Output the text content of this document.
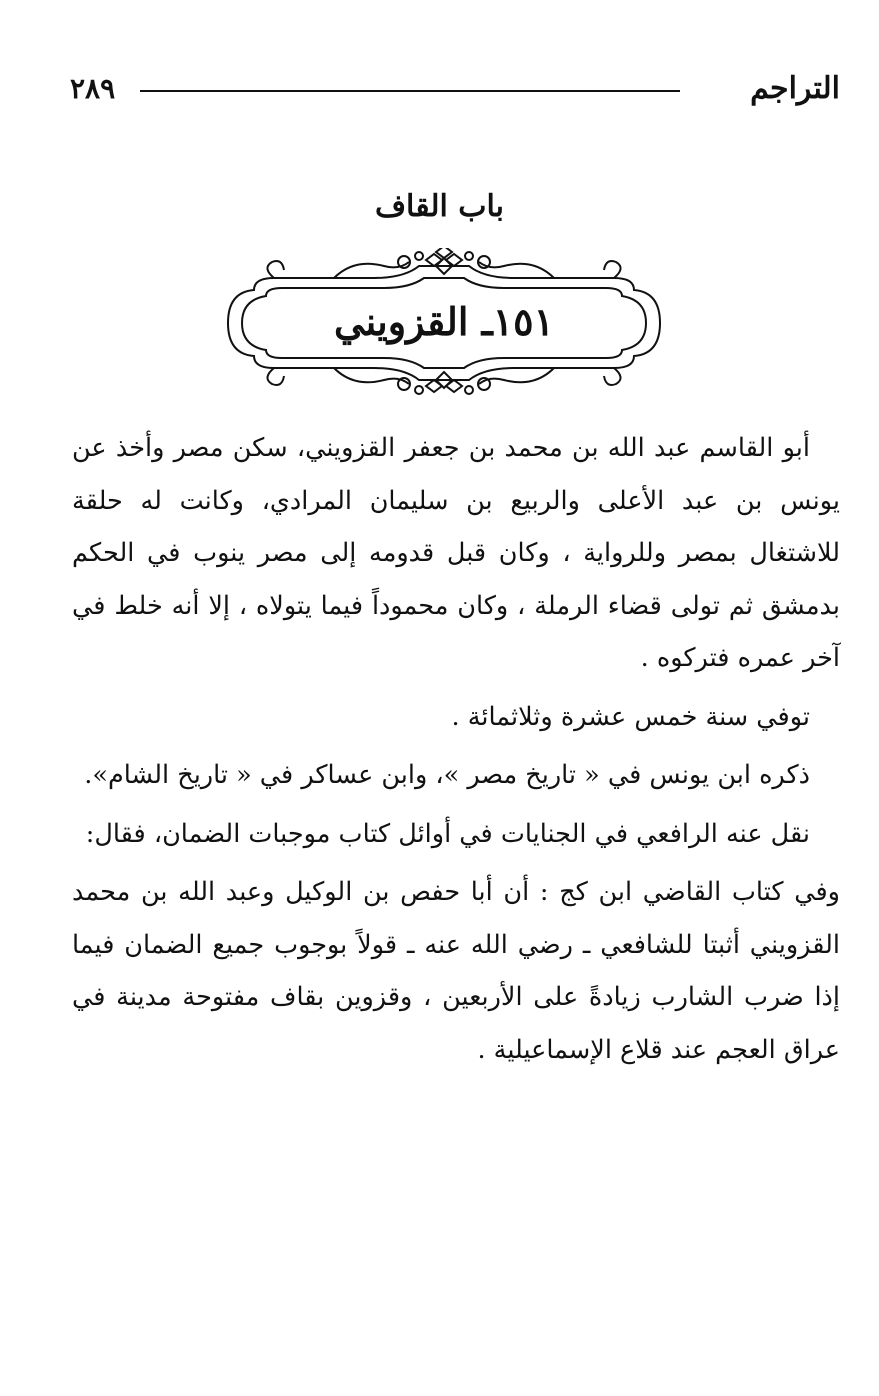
التراجم
٢٨٩
باب القاف
١٥١ـ القزويني

أبو القاسم عبد الله بن محمد بن جعفر القزويني، سكن مصر وأخذ عن يونس بن عبد الأعلى والربيع بن سليمان المرادي، وكانت له حلقة للاشتغال بمصر وللرواية ، وكان قبل قدومه إلى مصر ينوب في الحكم بدمشق ثم تولى قضاء الرملة ، وكان محموداً فيما يتولاه ، إلا أنه خلط في آخر عمره فتركوه .

توفي سنة خمس عشرة وثلاثمائة .

ذكره ابن يونس في « تاريخ مصر »، وابن عساكر في « تاريخ الشام».

نقل عنه الرافعي في الجنايات في أوائل كتاب موجبات الضمان، فقال:

وفي كتاب القاضي ابن كج : أن أبا حفص بن الوكيل وعبد الله بن محمد القزويني أثبتا للشافعي ـ رضي الله عنه ـ قولاً بوجوب جميع الضمان فيما إذا ضرب الشارب زيادةً على الأربعين ، وقزوين بقاف مفتوحة مدينة في عراق العجم عند قلاع الإسماعيلية .
